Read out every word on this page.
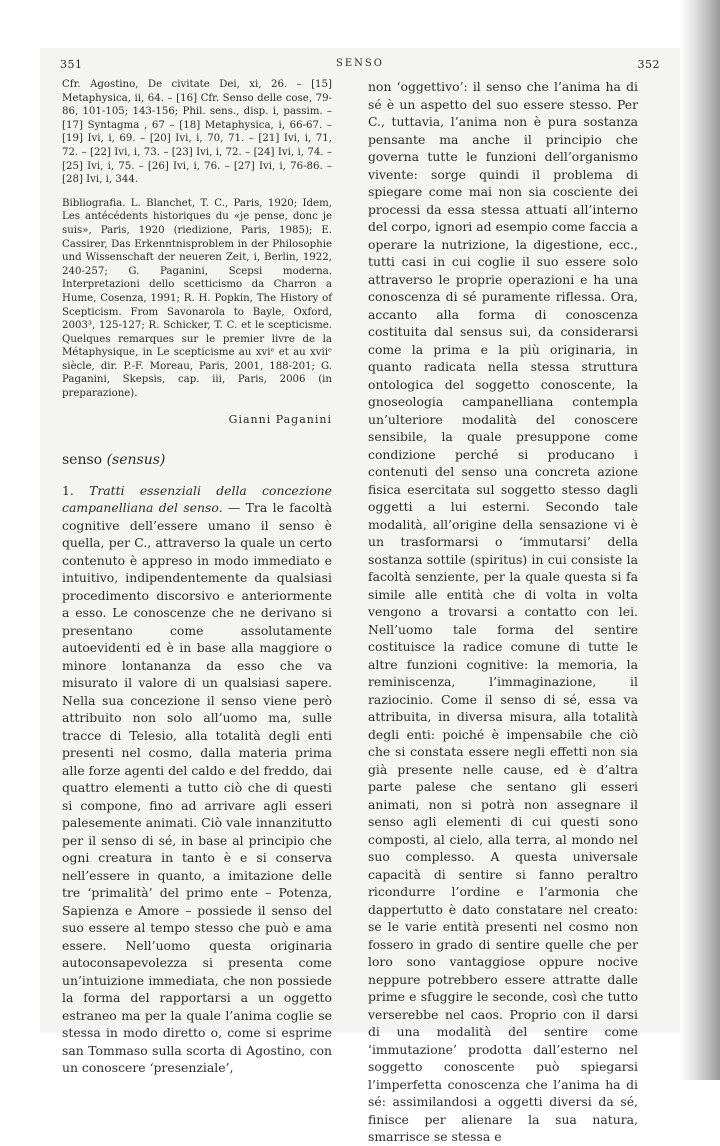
351	SENSO	352

Cfr. Agostino, De civitate Dei, xi, 26. – [15] Metaphysica, ii, 64. – [16] Cfr. Senso delle cose, 79-86, 101-105; 143-156; Phil. sens., disp. i, passim. – [17] Syntagma , 67 – [18] Metaphysica, i, 66-67. – [19] Ivi, i, 69. – [20] Ivi, i, 70, 71. – [21] Ivi, i, 71, 72. – [22] Ivi, i, 73. – [23] Ivi, i, 72. – [24] Ivi, i, 74. – [25] Ivi, i, 75. – [26] Ivi, i, 76. – [27] Ivi, i, 76-86. – [28] Ivi, i, 344.

Bibliografia. L. Blanchet, T. C., Paris, 1920; Idem, Les antécédents historiques du «je pense, donc je suis», Paris, 1920 (riedizione, Paris, 1985); E. Cassirer, Das Erkenntnisproblem in der Philosophie und Wissenschaft der neueren Zeit, i, Berlin, 1922, 240-257; G. Paganini, Scepsi moderna. Interpretazioni dello scetticismo da Charron a Hume, Cosenza, 1991; R. H. Popkin, The History of Scepticism. From Savonarola to Bayle, Oxford, 2003³, 125-127; R. Schicker, T. C. et le scepticisme. Quelques remarques sur le premier livre de la Métaphysique, in Le scepticisme au xviᵉ et au xviiᵉ siècle, dir. P.-F. Moreau, Paris, 2001, 188-201; G. Paganini, Skepsis, cap. iii, Paris, 2006 (in preparazione).

Gianni Paganini
senso (sensus)

1. Tratti essenziali della concezione campanelliana del senso. — Tra le facoltà cognitive dell’essere umano il senso è quella, per C., attraverso la quale un certo contenuto è appreso in modo immediato e intuitivo, indipendentemente da qualsiasi procedimento discorsivo e anteriormente a esso. Le conoscenze che ne derivano si presentano come assolutamente autoevidenti ed è in base alla maggiore o minore lontananza da esso che va misurato il valore di un qualsiasi sapere. Nella sua concezione il senso viene però attribuito non solo all’uomo ma, sulle tracce di Telesio, alla totalità degli enti presenti nel cosmo, dalla materia prima alle forze agenti del caldo e del freddo, dai quattro elementi a tutto ciò che di questi si compone, fino ad arrivare agli esseri palesemente animati. Ciò vale innanzitutto per il senso di sé, in base al principio che ogni creatura in tanto è e si conserva nell’essere in quanto, a imitazione delle tre ‘primalità’ del primo ente – Potenza, Sapienza e Amore – possiede il senso del suo essere al tempo stesso che può e ama essere. Nell’uomo questa originaria autoconsapevolezza si presenta come un’intuizione immediata, che non possiede la forma del rapportarsi a un oggetto estraneo ma per la quale l’anima coglie se stessa in modo diretto o, come si esprime san Tommaso sulla scorta di Agostino, con un conoscere ‘presenziale’,

non ‘oggettivo’: il senso che l’anima ha di sé è un aspetto del suo essere stesso. Per C., tuttavia, l’anima non è pura sostanza pensante ma anche il principio che governa tutte le funzioni dell’organismo vivente: sorge quindi il problema di spiegare come mai non sia cosciente dei processi da essa stessa attuati all’interno del corpo, ignori ad esempio come faccia a operare la nutrizione, la digestione, ecc., tutti casi in cui coglie il suo essere solo attraverso le proprie operazioni e ha una conoscenza di sé puramente riflessa. Ora, accanto alla forma di conoscenza costituita dal sensus sui, da considerarsi come la prima e la più originaria, in quanto radicata nella stessa struttura ontologica del soggetto conoscente, la gnoseologia campanelliana contempla un’ulteriore modalità del conoscere sensibile, la quale presuppone come condizione perché si producano i contenuti del senso una concreta azione fisica esercitata sul soggetto stesso dagli oggetti a lui esterni. Secondo tale modalità, all’origine della sensazione vi è un trasformarsi o ‘immutarsi’ della sostanza sottile (spiritus) in cui consiste la facoltà senziente, per la quale questa si fa simile alle entità che di volta in volta vengono a trovarsi a contatto con lei. Nell’uomo tale forma del sentire costituisce la radice comune di tutte le altre funzioni cognitive: la memoria, la reminiscenza, l’immaginazione, il raziocinio. Come il senso di sé, essa va attribuita, in diversa misura, alla totalità degli enti: poiché è impensabile che ciò che si constata essere negli effetti non sia già presente nelle cause, ed è d’altra parte palese che sentano gli esseri animati, non si potrà non assegnare il senso agli elementi di cui questi sono composti, al cielo, alla terra, al mondo nel suo complesso. A questa universale capacità di sentire si fanno peraltro ricondurre l’ordine e l’armonia che dappertutto è dato constatare nel creato: se le varie entità presenti nel cosmo non fossero in grado di sentire quelle che per loro sono vantaggiose oppure nocive neppure potrebbero essere attratte dalle prime e sfuggire le seconde, così che tutto verserebbe nel caos. Proprio con il darsi di una modalità del sentire come ‘immutazione’ prodotta dall’esterno nel soggetto conoscente può spiegarsi l’imperfetta conoscenza che l’anima ha di sé: assimilandosi a oggetti diversi da sé, finisce per alienare la sua natura, smarrisce se stessa e
